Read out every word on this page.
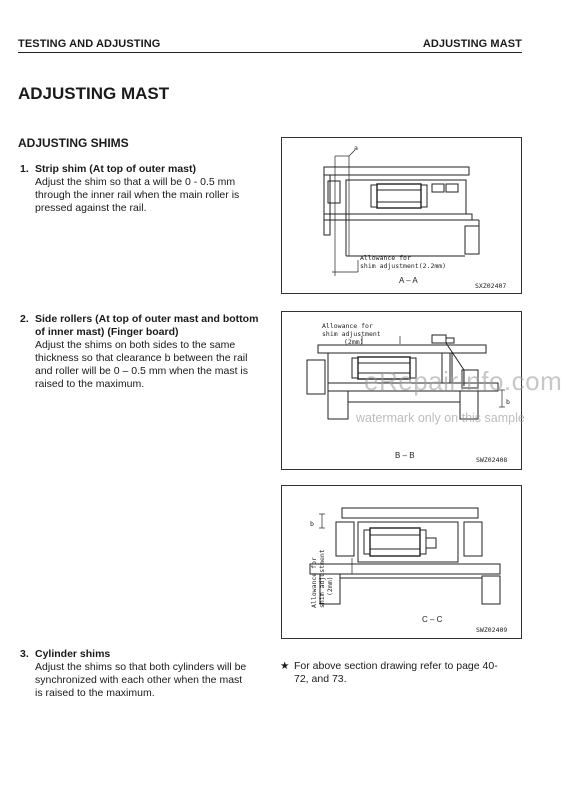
TESTING AND ADJUSTING	ADJUSTING MAST
ADJUSTING MAST
ADJUSTING SHIMS
1. Strip shim (At top of outer mast)
Adjust the shim so that a will be 0 - 0.5 mm
through the inner rail when the main roller is
pressed against the rail.
2. Side rollers (At top of outer mast and bottom
of inner mast) (Finger board)
Adjust the shims on both sides to the same
thickness so that clearance b between the rail
and roller will be 0 – 0.5 mm when the mast is
raised to the maximum.
3. Cylinder shims
Adjust the shims so that both cylinders will be
synchronized with each other when the mast
is raised to the maximum.
a
Allowance for
shim adjustment(2.2mm)
A – A
SXZ02407
Allowance for
shim adjustment
(2mm)
b
B – B	SWZ02408
b
Allowance for shim adjustment (2mm)
C – C
SWZ02409
eRepairInfo.com
watermark only on this sample
★ For above section drawing refer to page 40-
72, and 73.
